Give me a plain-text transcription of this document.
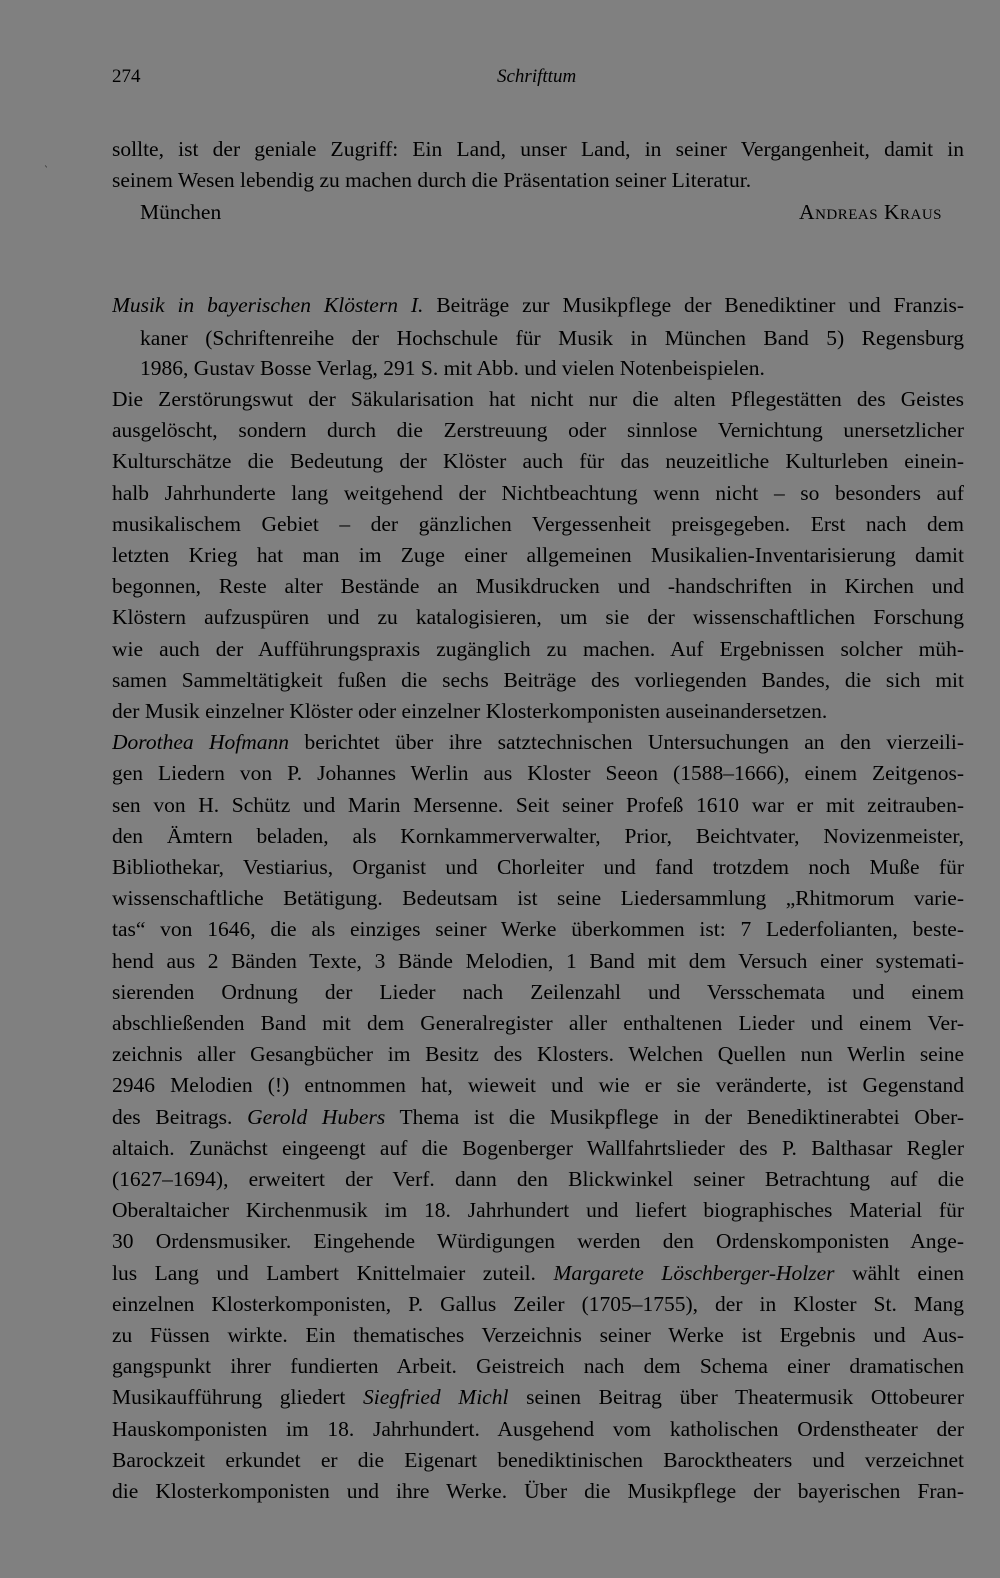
274	Schrifttum
`
sollte, ist der geniale Zugriff: Ein Land, unser Land, in seiner Vergangenheit, damit in
seinem Wesen lebendig zu machen durch die Präsentation seiner Literatur.
München	Andreas Kraus
Musik in bayerischen Klöstern I. Beiträge zur Musikpflege der Benediktiner und Franzis-
kaner (Schriftenreihe der Hochschule für Musik in München Band 5) Regensburg
1986, Gustav Bosse Verlag, 291 S. mit Abb. und vielen Notenbeispielen.
Die Zerstörungswut der Säkularisation hat nicht nur die alten Pflegestätten des Geistes
ausgelöscht, sondern durch die Zerstreuung oder sinnlose Vernichtung unersetzlicher
Kulturschätze die Bedeutung der Klöster auch für das neuzeitliche Kulturleben einein-
halb Jahrhunderte lang weitgehend der Nichtbeachtung wenn nicht – so besonders auf
musikalischem Gebiet – der gänzlichen Vergessenheit preisgegeben. Erst nach dem
letzten Krieg hat man im Zuge einer allgemeinen Musikalien-Inventarisierung damit
begonnen, Reste alter Bestände an Musikdrucken und -handschriften in Kirchen und
Klöstern aufzuspüren und zu katalogisieren, um sie der wissenschaftlichen Forschung
wie auch der Aufführungspraxis zugänglich zu machen. Auf Ergebnissen solcher müh-
samen Sammeltätigkeit fußen die sechs Beiträge des vorliegenden Bandes, die sich mit
der Musik einzelner Klöster oder einzelner Klosterkomponisten auseinandersetzen.
Dorothea Hofmann berichtet über ihre satztechnischen Untersuchungen an den vierzeili-
gen Liedern von P. Johannes Werlin aus Kloster Seeon (1588–1666), einem Zeitgenos-
sen von H. Schütz und Marin Mersenne. Seit seiner Profeß 1610 war er mit zeitrauben-
den Ämtern beladen, als Kornkammerverwalter, Prior, Beichtvater, Novizenmeister,
Bibliothekar, Vestiarius, Organist und Chorleiter und fand trotzdem noch Muße für
wissenschaftliche Betätigung. Bedeutsam ist seine Liedersammlung „Rhitmorum varie-
tas“ von 1646, die als einziges seiner Werke überkommen ist: 7 Lederfolianten, beste-
hend aus 2 Bänden Texte, 3 Bände Melodien, 1 Band mit dem Versuch einer systemati-
sierenden Ordnung der Lieder nach Zeilenzahl und Versschemata und einem
abschließenden Band mit dem Generalregister aller enthaltenen Lieder und einem Ver-
zeichnis aller Gesangbücher im Besitz des Klosters. Welchen Quellen nun Werlin seine
2946 Melodien (!) entnommen hat, wieweit und wie er sie veränderte, ist Gegenstand
des Beitrags. Gerold Hubers Thema ist die Musikpflege in der Benediktinerabtei Ober-
altaich. Zunächst eingeengt auf die Bogenberger Wallfahrtslieder des P. Balthasar Regler
(1627–1694), erweitert der Verf. dann den Blickwinkel seiner Betrachtung auf die
Oberaltaicher Kirchenmusik im 18. Jahrhundert und liefert biographisches Material für
30 Ordensmusiker. Eingehende Würdigungen werden den Ordenskomponisten Ange-
lus Lang und Lambert Knittelmaier zuteil. Margarete Löschberger-Holzer wählt einen
einzelnen Klosterkomponisten, P. Gallus Zeiler (1705–1755), der in Kloster St. Mang
zu Füssen wirkte. Ein thematisches Verzeichnis seiner Werke ist Ergebnis und Aus-
gangspunkt ihrer fundierten Arbeit. Geistreich nach dem Schema einer dramatischen
Musikaufführung gliedert Siegfried Michl seinen Beitrag über Theatermusik Ottobeurer
Hauskomponisten im 18. Jahrhundert. Ausgehend vom katholischen Ordenstheater der
Barockzeit erkundet er die Eigenart benediktinischen Barocktheaters und verzeichnet
die Klosterkomponisten und ihre Werke. Über die Musikpflege der bayerischen Fran-
